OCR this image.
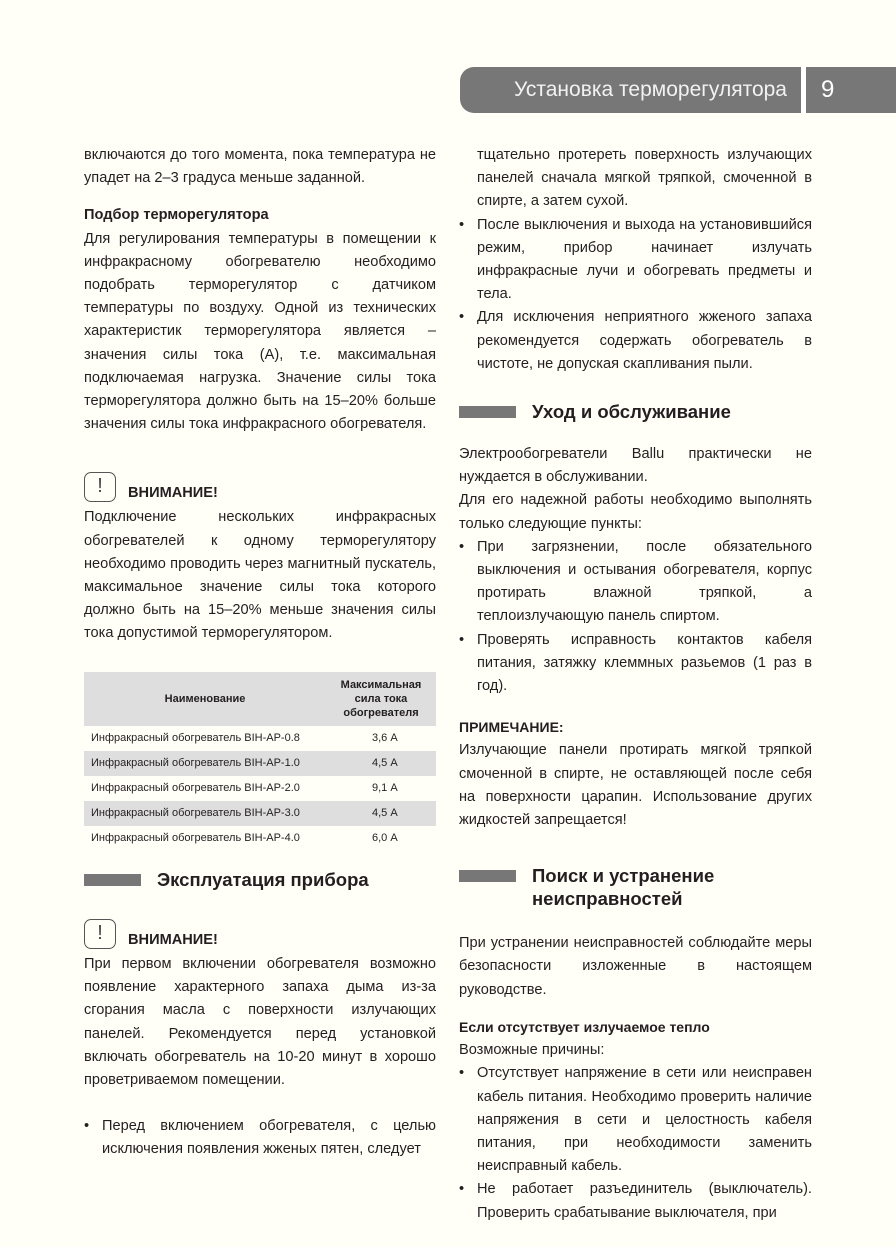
Установка терморегулятора	9

включаются до того момента, пока температура не упадет на 2–3 градуса меньше заданной.

Подбор терморегулятора

Для регулирования температуры в помещении к инфракрасному обогревателю необходимо подобрать терморегулятор с датчиком температуры по воздуху. Одной из технических характеристик терморегулятора является – значения силы тока (А), т.е. максимальная подключаемая нагрузка. Значение силы тока терморегулятора должно быть на 15–20% больше значения силы тока инфракрасного обогревателя.

!	ВНИМАНИЕ!

Подключение нескольких инфракрасных обогревателей к одному терморегулятору необходимо проводить через магнитный пускатель, максимальное значение силы тока которого должно быть на 15–20% меньше значения силы тока допустимой терморегулятором.

Наименование	Максимальная сила тока обогревателя
Инфракрасный обогреватель BIH-AP-0.8	3,6 А
Инфракрасный обогреватель BIH-AP-1.0	4,5 А
Инфракрасный обогреватель BIH-AP-2.0	9,1 А
Инфракрасный обогреватель BIH-AP-3.0	4,5 А
Инфракрасный обогреватель BIH-AP-4.0	6,0 А
Эксплуатация прибора
!	ВНИМАНИЕ!

При первом включении обогревателя возможно появление характерного запаха дыма из-за сгорания масла с поверхности излучающих панелей. Рекомендуется перед установкой включать обогреватель на 10-20 минут в хорошо проветриваемом помещении.

• Перед включением обогревателя, с целью исключения появления жженых пятен, следует

тщательно протереть поверхность излучающих панелей сначала мягкой тряпкой, смоченной в спирте, а затем сухой.

• После выключения и выхода на установившийся режим, прибор начинает излучать инфракрасные лучи и обогревать предметы и тела.
• Для исключения неприятного жженого запаха рекомендуется содержать обогреватель в чистоте, не допуская скапливания пыли.
Уход и обслуживание

Электрообогреватели Ballu практически не нуждается в обслуживании.

Для его надежной работы необходимо выполнять только следующие пункты:

• При загрязнении, после обязательного выключения и остывания обогревателя, корпус протирать влажной тряпкой, а теплоизлучающую панель спиртом.
• Проверять исправность контактов кабеля питания, затяжку клеммных разьемов (1 раз в год).

ПРИМЕЧАНИЕ:

Излучающие панели протирать мягкой тряпкой смоченной в спирте, не оставляющей после себя на поверхности царапин. Использование других жидкостей запрещается!

Поиск и устранение неисправностей

При устранении неисправностей соблюдайте меры безопасности изложенные в настоящем руководстве.

Если отсутствует излучаемое тепло

Возможные причины:

• Отсутствует напряжение в сети или неисправен кабель питания. Необходимо проверить наличие напряжения в сети и целостность кабеля питания, при необходимости заменить неисправный кабель.
• Не работает разъединитель (выключатель). Проверить срабатывание выключателя, при
